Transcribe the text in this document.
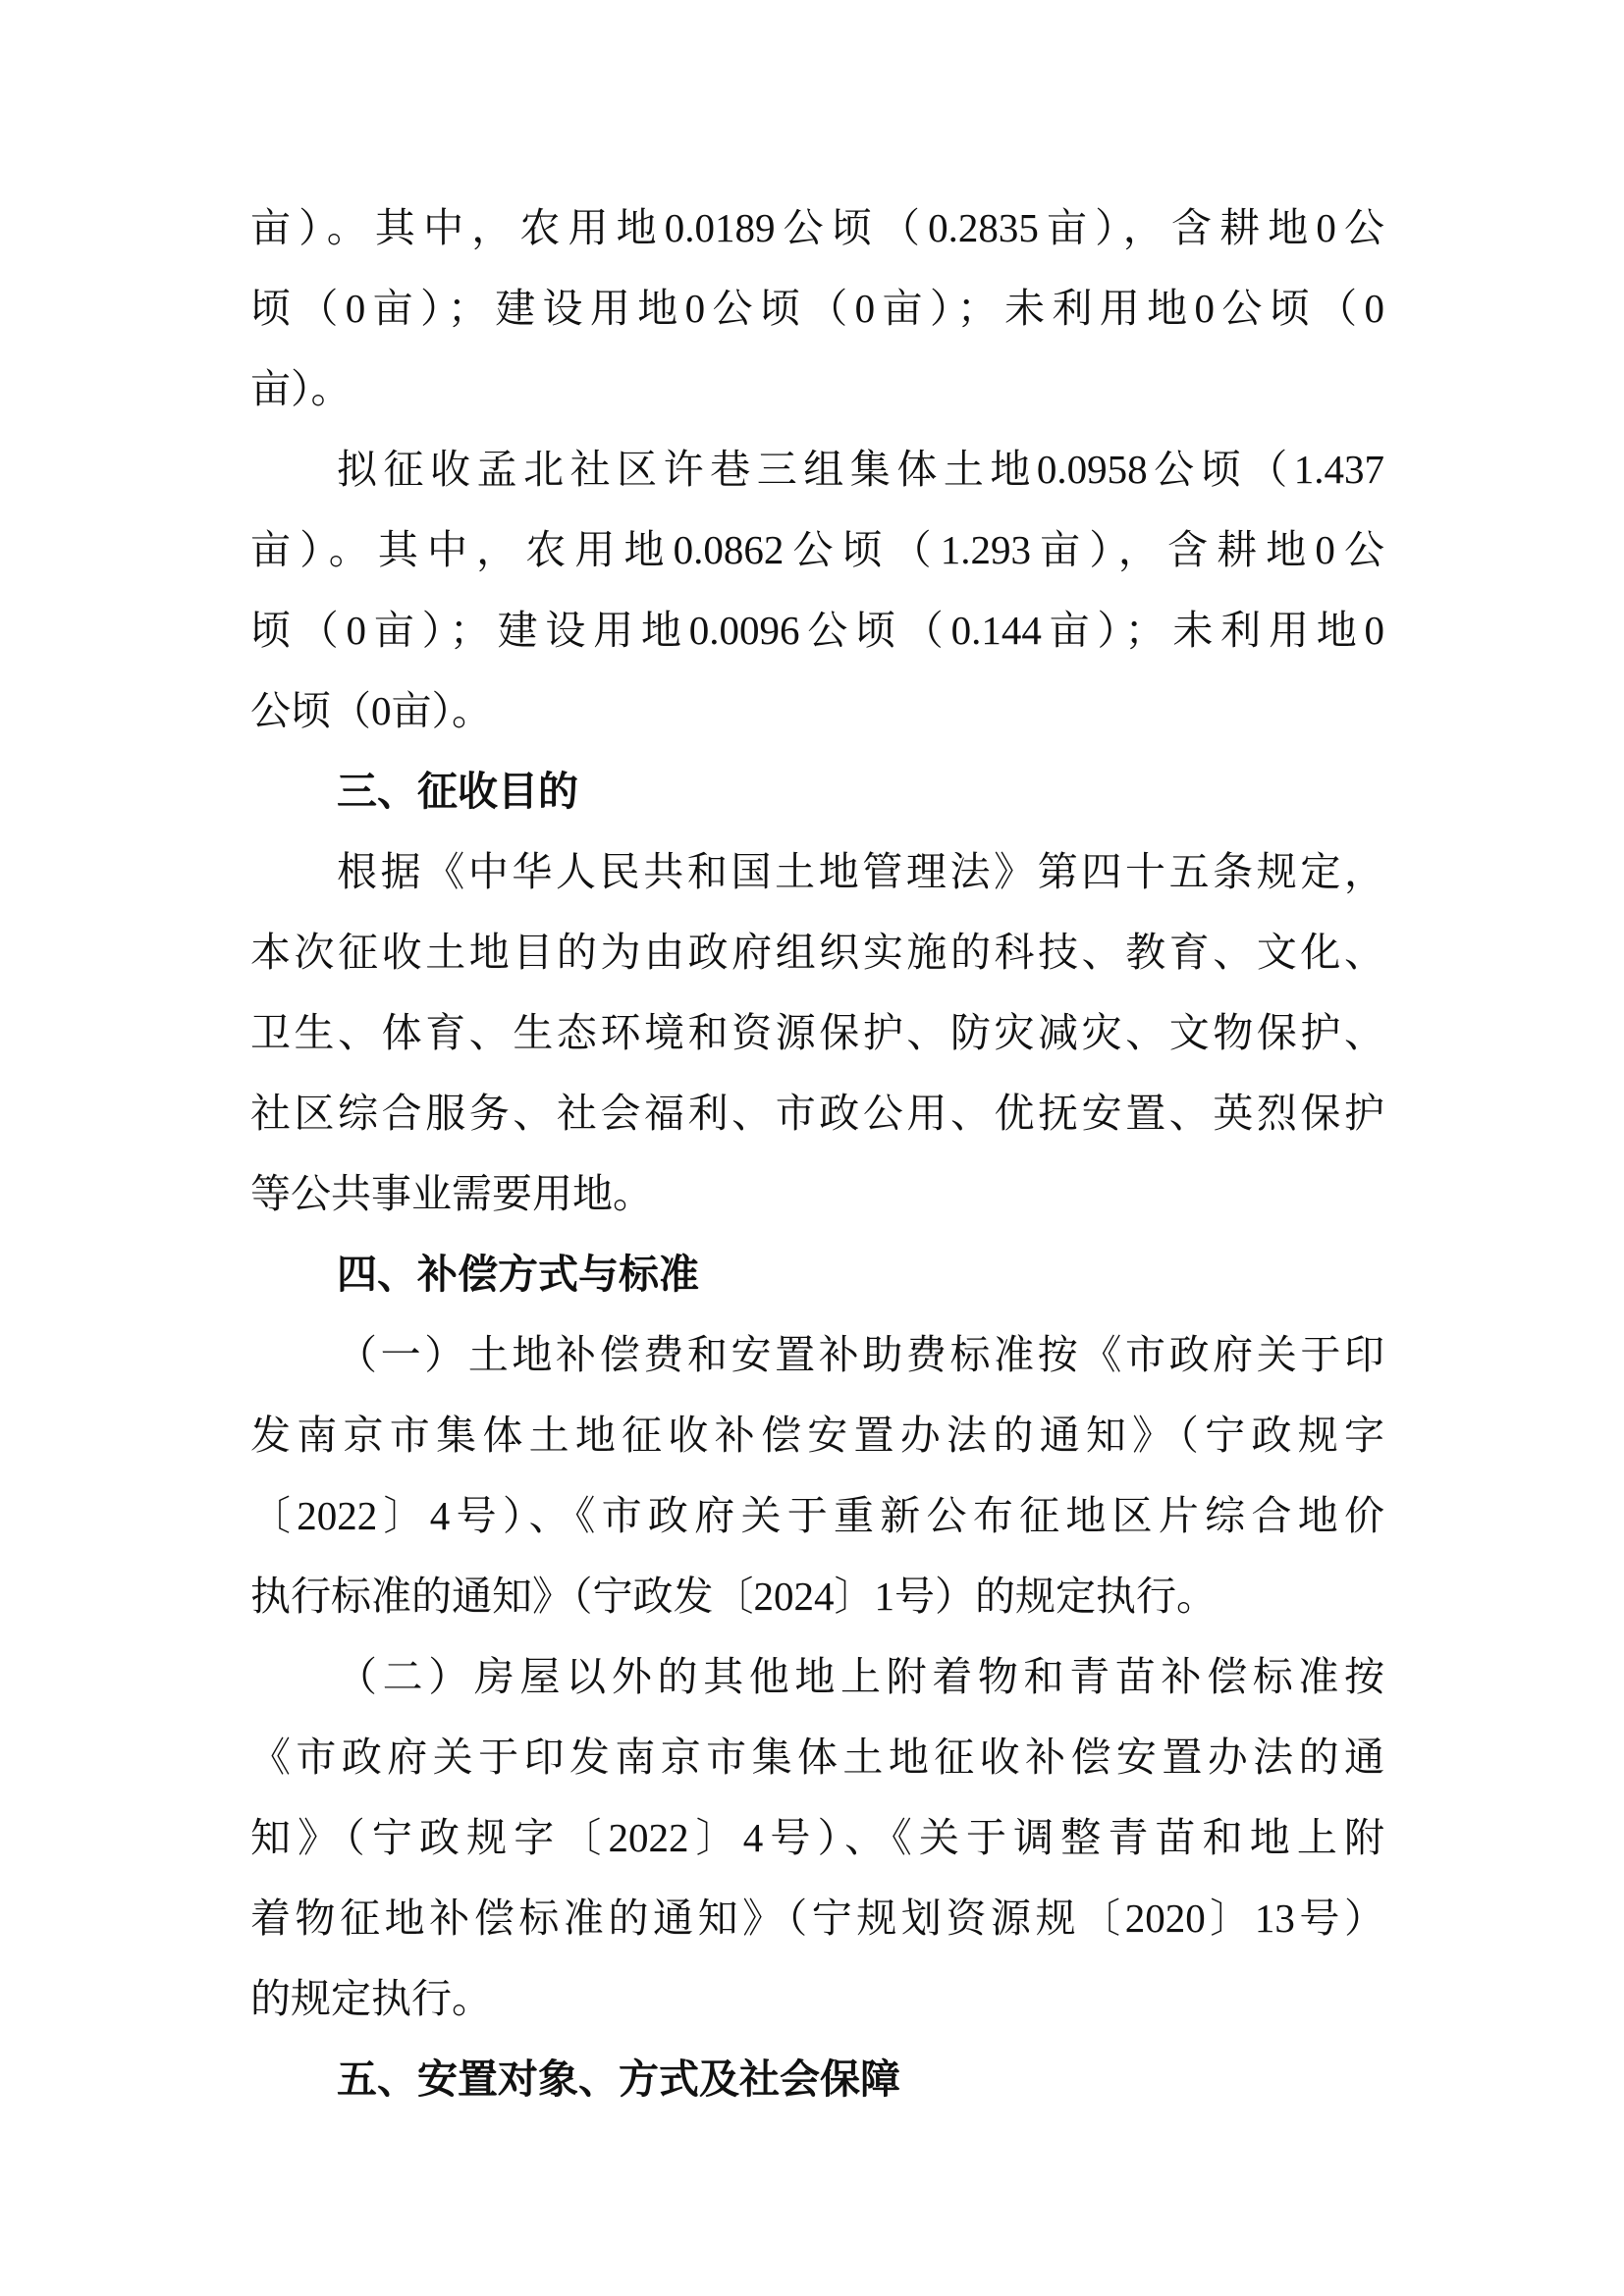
亩）。其中，农用地0.0189公顷（0.2835亩），含耕地0公
顷（0亩）；建设用地0公顷（0亩）；未利用地0公顷（0
亩）。
拟征收孟北社区许巷三组集体土地0.0958公顷（1.437
亩）。其中，农用地0.0862公顷（1.293亩），含耕地0公
顷（0亩）；建设用地0.0096公顷（0.144亩）；未利用地0
公顷（0亩）。
三、征收目的
根据《中华人民共和国土地管理法》第四十五条规定，
本次征收土地目的为由政府组织实施的科技、教育、文化、
卫生、体育、生态环境和资源保护、防灾减灾、文物保护、
社区综合服务、社会福利、市政公用、优抚安置、英烈保护
等公共事业需要用地。
四、补偿方式与标准
（一）土地补偿费和安置补助费标准按《市政府关于印
发南京市集体土地征收补偿安置办法的通知》（宁政规字
〔2022〕4号）、《市政府关于重新公布征地区片综合地价
执行标准的通知》（宁政发〔2024〕1号）的规定执行。
（二）房屋以外的其他地上附着物和青苗补偿标准按
《市政府关于印发南京市集体土地征收补偿安置办法的通
知》（宁政规字〔2022〕4号）、《关于调整青苗和地上附
着物征地补偿标准的通知》（宁规划资源规〔2020〕13号）
的规定执行。
五、安置对象、方式及社会保障
